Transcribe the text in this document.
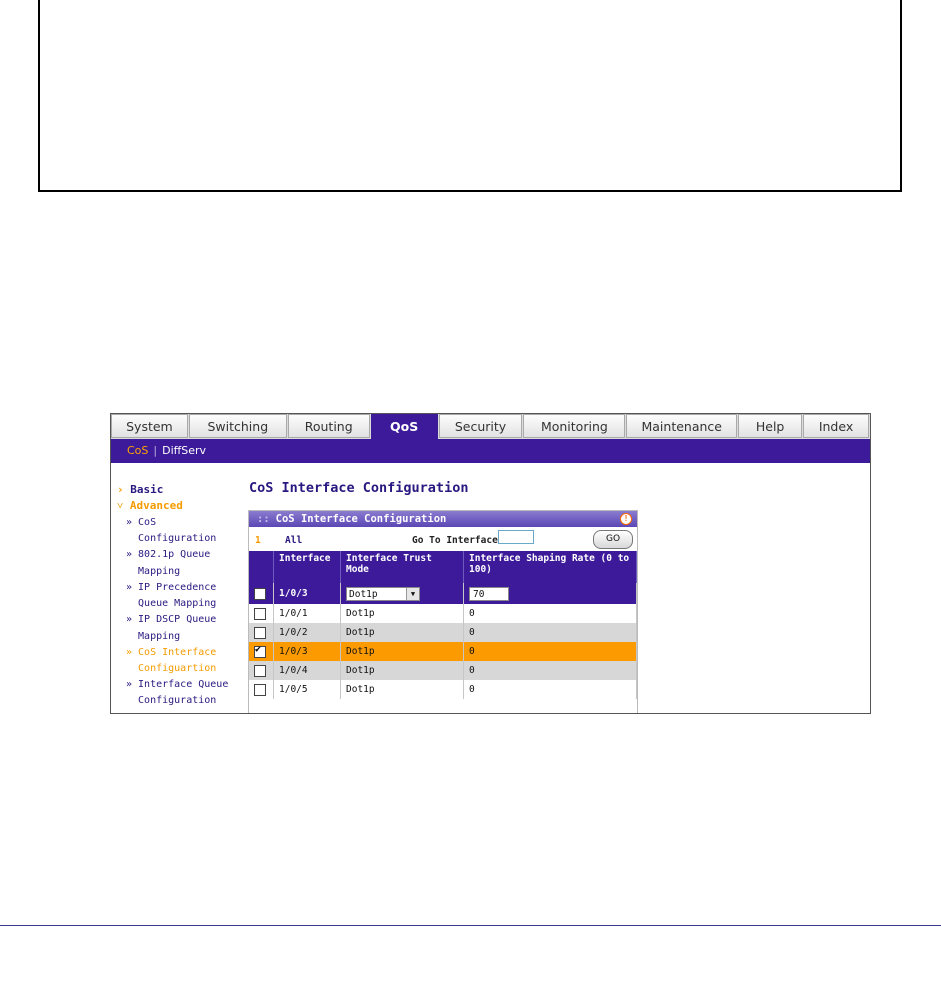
System	Switching	Routing	QoS	Security	Monitoring	Maintenance	Help	Index
CoS | DiffServ
› Basic
˅ Advanced
» CoS
Configuration
» 802.1p Queue
Mapping
» IP Precedence
Queue Mapping
» IP DSCP Queue
Mapping
» CoS Interface
Configuartion
» Interface Queue
Configuration
CoS Interface Configuration
:: CoS Interface Configuration	!
1	All	Go To Interface	GO
	Interface	Interface Trust Mode	Interface Shaping Rate (0 to 100)
	1/0/3	Dot1p ▼	70
	1/0/1	Dot1p	0
	1/0/2	Dot1p	0
✔	1/0/3	Dot1p	0
	1/0/4	Dot1p	0
	1/0/5	Dot1p	0
